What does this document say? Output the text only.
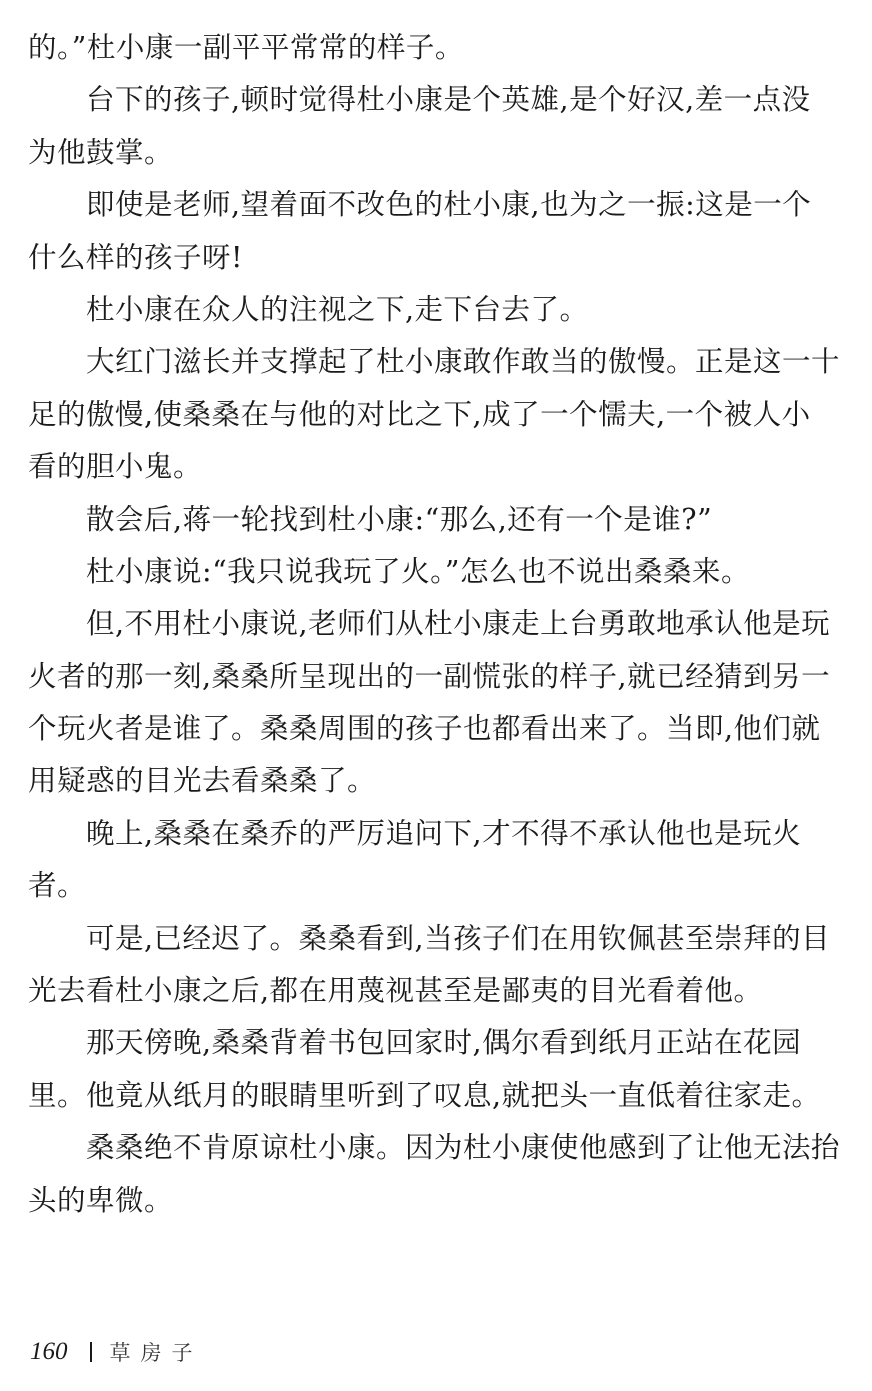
的。”杜小康一副平平常常的样子。
台下的孩子,顿时觉得杜小康是个英雄,是个好汉,差一点没
为他鼓掌。
即使是老师,望着面不改色的杜小康,也为之一振:这是一个
什么样的孩子呀!
杜小康在众人的注视之下,走下台去了。
大红门滋长并支撑起了杜小康敢作敢当的傲慢。正是这一十
足的傲慢,使桑桑在与他的对比之下,成了一个懦夫,一个被人小
看的胆小鬼。
散会后,蒋一轮找到杜小康:“那么,还有一个是谁?”
杜小康说:“我只说我玩了火。”怎么也不说出桑桑来。
但,不用杜小康说,老师们从杜小康走上台勇敢地承认他是玩
火者的那一刻,桑桑所呈现出的一副慌张的样子,就已经猜到另一
个玩火者是谁了。桑桑周围的孩子也都看出来了。当即,他们就
用疑惑的目光去看桑桑了。
晚上,桑桑在桑乔的严厉追问下,才不得不承认他也是玩火
者。
可是,已经迟了。桑桑看到,当孩子们在用钦佩甚至崇拜的目
光去看杜小康之后,都在用蔑视甚至是鄙夷的目光看着他。
那天傍晚,桑桑背着书包回家时,偶尔看到纸月正站在花园
里。他竟从纸月的眼睛里听到了叹息,就把头一直低着往家走。
桑桑绝不肯原谅杜小康。因为杜小康使他感到了让他无法抬
头的卑微。
160 草房子
